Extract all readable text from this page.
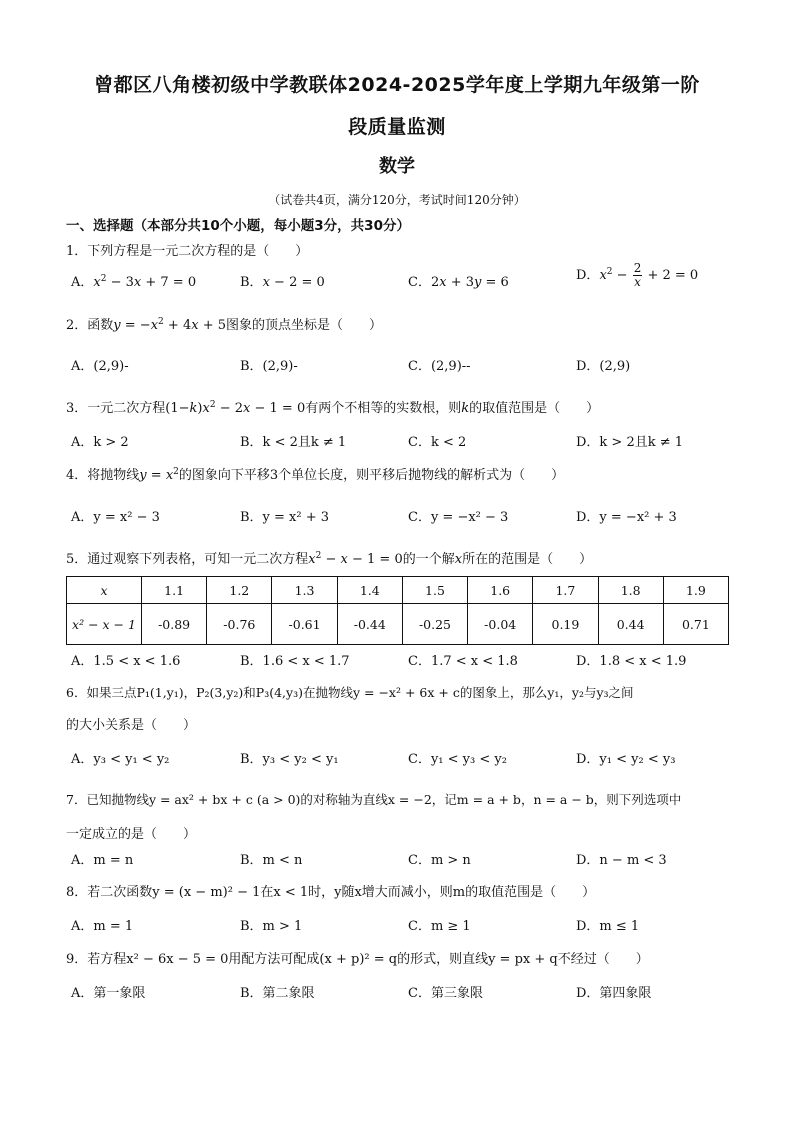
曾都区八角楼初级中学教联体2024-2025学年度上学期九年级第一阶
段质量监测
数学
（试卷共4页，满分120分，考试时间120分钟）
一、选择题（本部分共10个小题，每小题3分，共30分）
1．下列方程是一元二次方程的是（　　）
A．$x^2 - 3x + 7 = 0$	B．x − 2 = 0	C．2x + 3y = 6	D．$x^2 - \frac{2}{x} + 2 = 0$
2．函数$y = -x^2 + 4x + 5$图象的顶点坐标是（　　）
A．(2,9)-	B．(2,9)-	C．(2,9)--	D．(2,9)
3．一元二次方程$(1-k)x^2 - 2x - 1 = 0$有两个不相等的实数根，则k的取值范围是（　　）
A．k > 2	B．k < 2且k ≠ 1	C．k < 2	D．k > 2且k ≠ 1
4．将抛物线$y = x^2$的图象向下平移3个单位长度，则平移后抛物线的解析式为（　　）
A．y = x² − 3	B．y = x² + 3	C．y = −x² − 3	D．y = −x² + 3
5．通过观察下列表格，可知一元二次方程$x^2 - x - 1 = 0$的一个解x所在的范围是（　　）
x	1.1	1.2	1.3	1.4	1.5	1.6	1.7	1.8	1.9
x² − x − 1	-0.89	-0.76	-0.61	-0.44	-0.25	-0.04	0.19	0.44	0.71
A．1.5 < x < 1.6	B．1.6 < x < 1.7	C．1.7 < x < 1.8	D．1.8 < x < 1.9
6．如果三点P₁(1,y₁)，P₂(3,y₂)和P₃(4,y₃)在抛物线y = −x² + 6x + c的图象上，那么y₁，y₂与y₃之间
的大小关系是（　　）
A．y₃ < y₁ < y₂	B．y₃ < y₂ < y₁	C．y₁ < y₃ < y₂	D．y₁ < y₂ < y₃
7．已知抛物线y = ax² + bx + c (a > 0)的对称轴为直线x = −2，记m = a + b，n = a − b，则下列选项中
一定成立的是（　　）
A．m = n	B．m < n	C．m > n	D．n − m < 3
8．若二次函数y = (x − m)² − 1在x < 1时，y随x增大而减小，则m的取值范围是（　　）
A．m = 1	B．m > 1	C．m ≥ 1	D．m ≤ 1
9．若方程x² − 6x − 5 = 0用配方法可配成(x + p)² = q的形式，则直线y = px + q不经过（　　）
A．第一象限	B．第二象限	C．第三象限	D．第四象限
